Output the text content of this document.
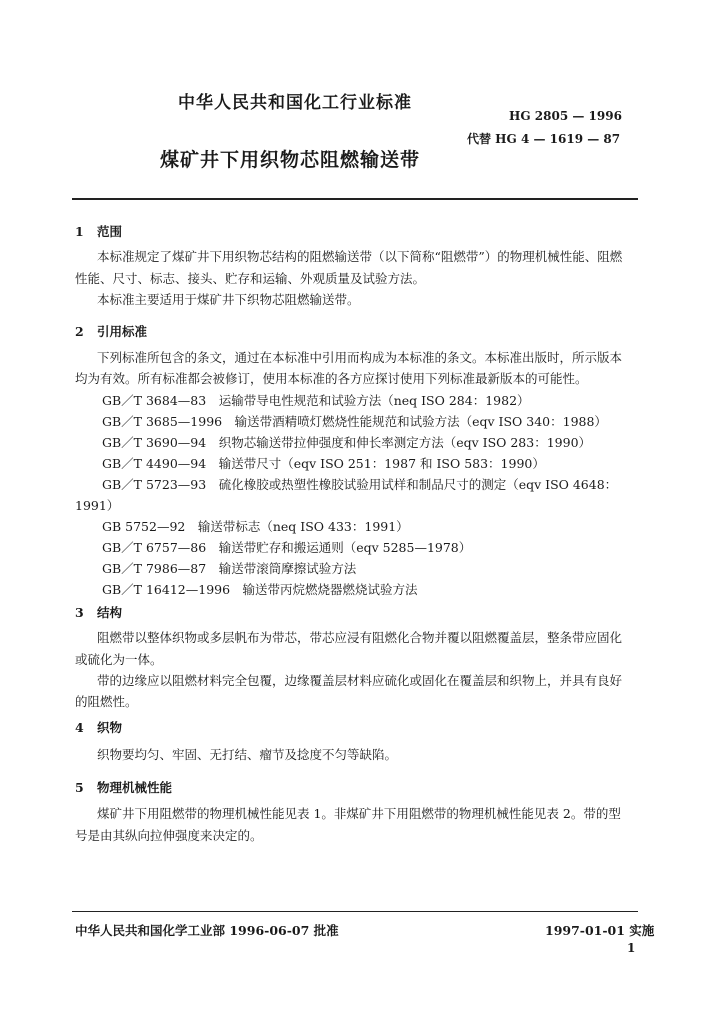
中华人民共和国化工行业标准
HG 2805 — 1996
代替 HG 4 — 1619 — 87
煤矿井下用织物芯阻燃输送带
1 范围
本标准规定了煤矿井下用织物芯结构的阻燃输送带（以下简称“阻燃带”）的物理机械性能、阻燃
性能、尺寸、标志、接头、贮存和运输、外观质量及试验方法。
本标准主要适用于煤矿井下织物芯阻燃输送带。
2 引用标准
下列标准所包含的条文，通过在本标准中引用而构成为本标准的条文。本标准出版时，所示版本
均为有效。所有标准都会被修订，使用本标准的各方应探讨使用下列标准最新版本的可能性。
GB／T 3684—83　运输带导电性规范和试验方法（neq ISO 284：1982）
GB／T 3685—1996　输送带酒精喷灯燃烧性能规范和试验方法（eqv ISO 340：1988）
GB／T 3690—94　织物芯输送带拉伸强度和伸长率测定方法（eqv ISO 283：1990）
GB／T 4490—94　输送带尺寸（eqv ISO 251：1987 和 ISO 583：1990）
GB／T 5723—93　硫化橡胶或热塑性橡胶试验用试样和制品尺寸的测定（eqv ISO 4648：
1991）
GB 5752—92　输送带标志（neq ISO 433：1991）
GB／T 6757—86　输送带贮存和搬运通则（eqv 5285—1978）
GB／T 7986—87　输送带滚筒摩擦试验方法
GB／T 16412—1996　输送带丙烷燃烧器燃烧试验方法
3 结构
阻燃带以整体织物或多层帆布为带芯，带芯应浸有阻燃化合物并覆以阻燃覆盖层，整条带应固化
或硫化为一体。
带的边缘应以阻燃材料完全包覆，边缘覆盖层材料应硫化或固化在覆盖层和织物上，并具有良好
的阻燃性。
4 织物
织物要均匀、牢固、无打结、瘤节及捻度不匀等缺陷。
5 物理机械性能
煤矿井下用阻燃带的物理机械性能见表 1。非煤矿井下用阻燃带的物理机械性能见表 2。带的型
号是由其纵向拉伸强度来决定的。
中华人民共和国化学工业部 1996-06-07 批准	1997-01-01 实施
1
